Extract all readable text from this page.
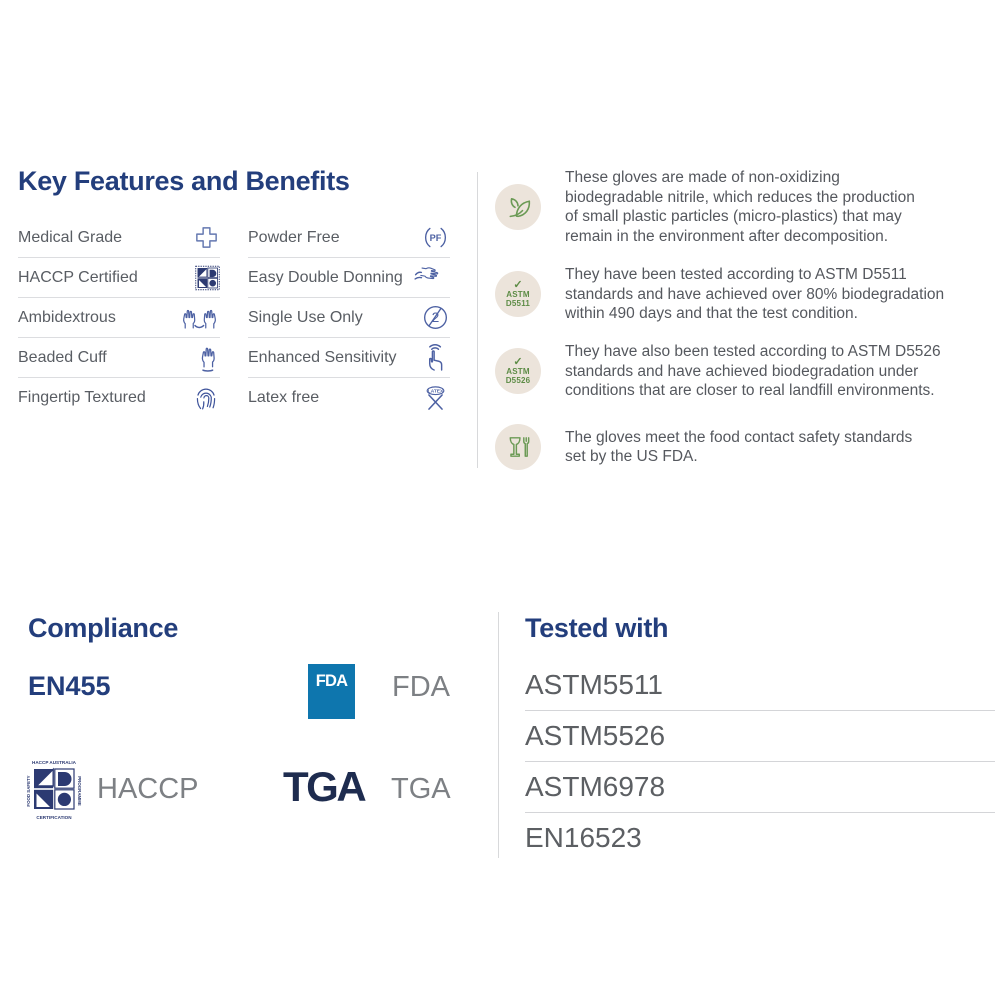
Key Features and Benefits
Medical Grade
HACCP Certified
Ambidextrous
Beaded Cuff
Fingertip Textured
Powder Free	PF
Easy Double Donning
Single Use Only	2
Enhanced Sensitivity
Latex free	LATEX

These gloves are made of non-oxidizing
biodegradable nitrile, which reduces the production
of small plastic particles (micro-plastics) that may
remain in the environment after decomposition.

✓
ASTM
D5511

They have been tested according to ASTM D5511
standards and have achieved over 80% biodegradation
within 490 days and that the test condition.

✓
ASTM
D5526

They have also been tested according to ASTM D5526
standards and have achieved biodegradation under
conditions that are closer to real landfill environments.

The gloves meet the food contact safety standards
set by the US FDA.

Compliance
EN455	FDA FDA
HACCP AUSTRALIA
CERTIFICATION
FOOD SAFETY	PROGRAMME HACCP TGA TGA
Tested with
ASTM5511
ASTM5526
ASTM6978
EN16523
